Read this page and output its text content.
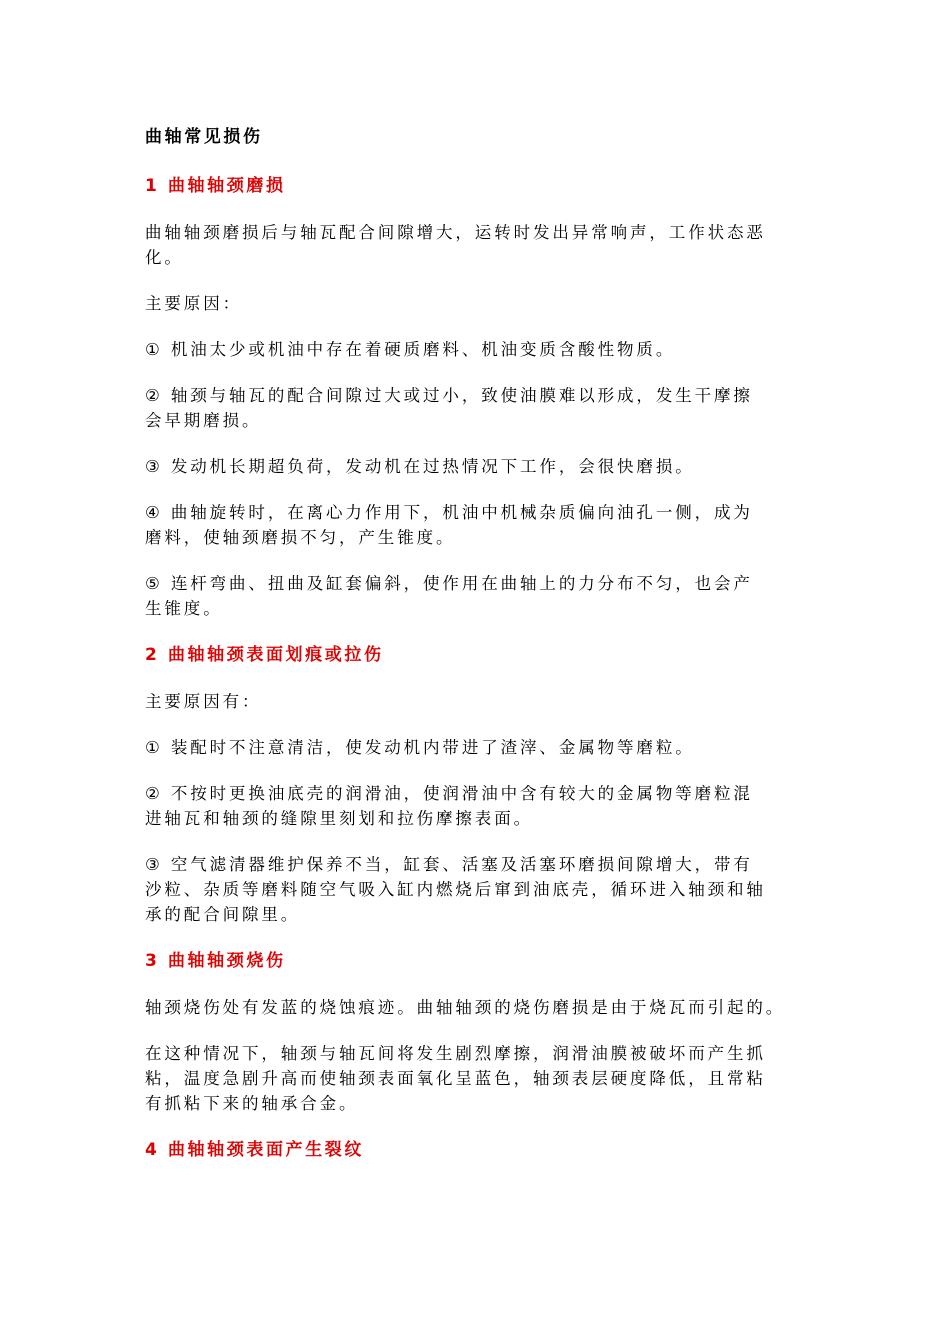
曲轴常见损伤
1 曲轴轴颈磨损

曲轴轴颈磨损后与轴瓦配合间隙增大，运转时发出异常响声，工作状态恶
化。

主要原因：

① 机油太少或机油中存在着硬质磨料、机油变质含酸性物质。

② 轴颈与轴瓦的配合间隙过大或过小，致使油膜难以形成，发生干摩擦
会早期磨损。

③ 发动机长期超负荷，发动机在过热情况下工作，会很快磨损。

④ 曲轴旋转时，在离心力作用下，机油中机械杂质偏向油孔一侧，成为
磨料，使轴颈磨损不匀，产生锥度。

⑤ 连杆弯曲、扭曲及缸套偏斜，使作用在曲轴上的力分布不匀，也会产
生锥度。

2 曲轴轴颈表面划痕或拉伤

主要原因有：

① 装配时不注意清洁，使发动机内带进了渣滓、金属物等磨粒。

② 不按时更换油底壳的润滑油，使润滑油中含有较大的金属物等磨粒混
进轴瓦和轴颈的缝隙里刻划和拉伤摩擦表面。

③ 空气滤清器维护保养不当，缸套、活塞及活塞环磨损间隙增大，带有
沙粒、杂质等磨料随空气吸入缸内燃烧后窜到油底壳，循环进入轴颈和轴
承的配合间隙里。

3 曲轴轴颈烧伤

轴颈烧伤处有发蓝的烧蚀痕迹。曲轴轴颈的烧伤磨损是由于烧瓦而引起的。

在这种情况下，轴颈与轴瓦间将发生剧烈摩擦，润滑油膜被破坏而产生抓
粘，温度急剧升高而使轴颈表面氧化呈蓝色，轴颈表层硬度降低，且常粘
有抓粘下来的轴承合金。

4 曲轴轴颈表面产生裂纹
